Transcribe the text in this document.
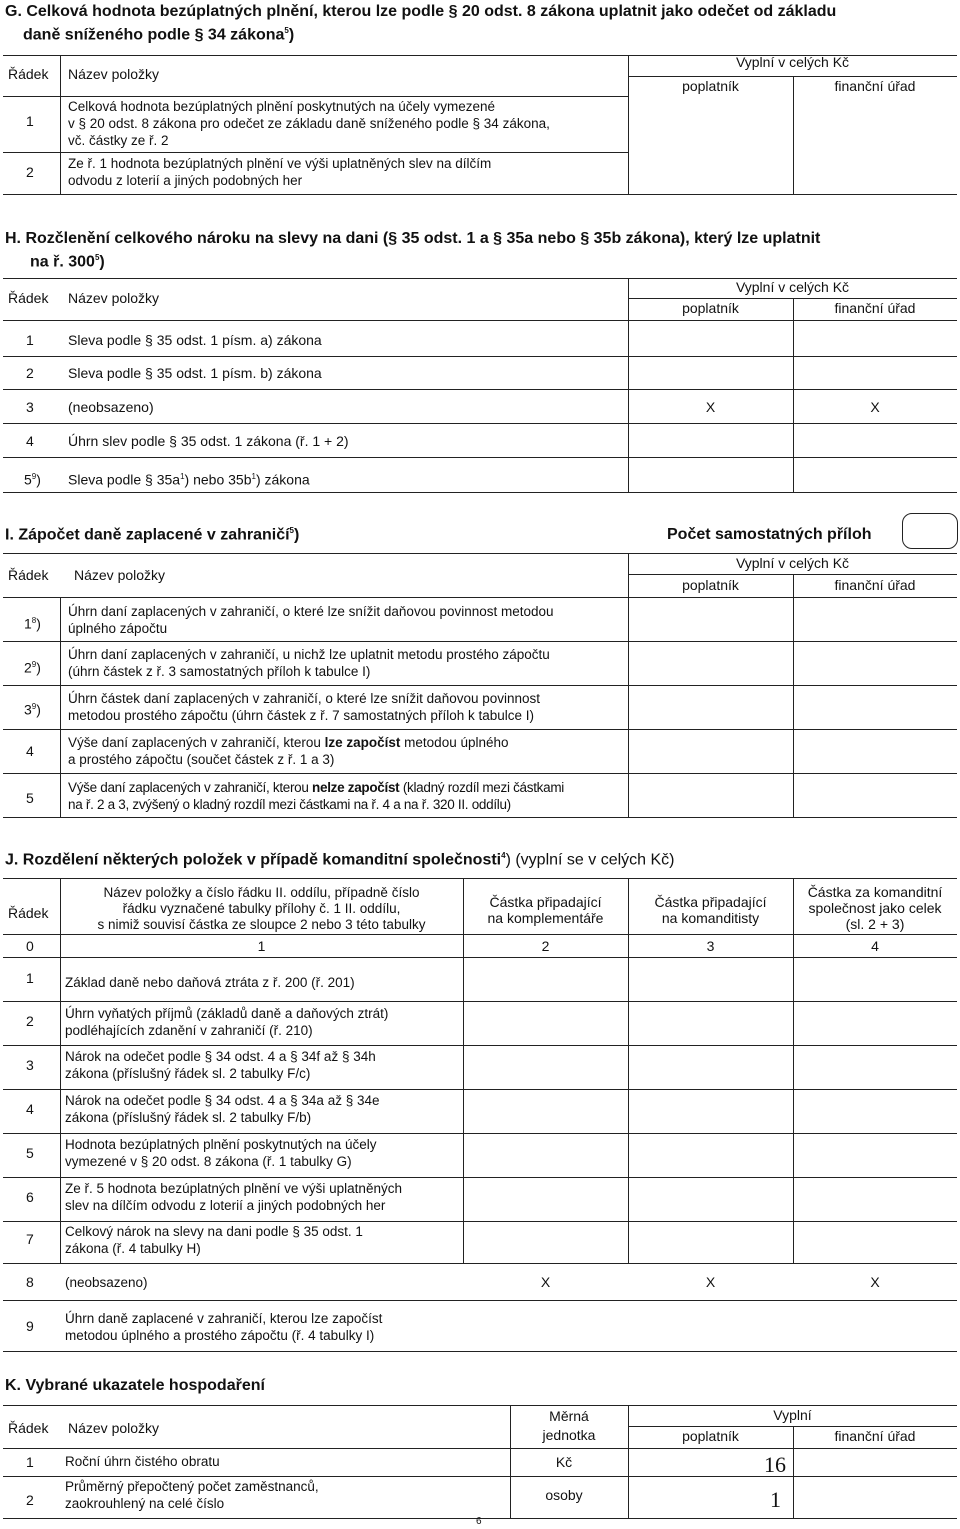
G. Celková hodnota bezúplatných plnění, kterou lze podle § 20 odst. 8 zákona uplatnit jako odečet od základu
daně sníženého podle § 34 zákona$^5$)
Řádek Název položky
Vyplní v celých Kč
poplatník	finanční úřad
1
Celková hodnota bezúplatných plnění poskytnutých na účely vymezené
v § 20 odst. 8 zákona pro odečet ze základu daně sníženého podle § 34 zákona,
vč. částky ze ř. 2
2
Ze ř. 1 hodnota bezúplatných plnění ve výši uplatněných slev na dílčím
odvodu z loterií a jiných podobných her
H. Rozčlenění celkového nároku na slevy na dani (§ 35 odst. 1 a § 35a nebo § 35b zákona), který lze uplatnit
na ř. $300^5$)
Řádek Název položky
Vyplní v celých Kč
poplatník	finanční úřad
1 Sleva podle § 35 odst. 1 písm. a) zákona
2 Sleva podle § 35 odst. 1 písm. b) zákona
3 (neobsazeno)	X	X
4 Úhrn slev podle § 35 odst. 1 zákona (ř. 1 + 2)
$5^9$) Sleva podle § $35a^1$) nebo $35b^1$) zákona
I. Zápočet daně zaplacené v zahraničí$^5$)	Počet samostatných příloh
Řádek Název položky
Vyplní v celých Kč
poplatník	finanční úřad
$1^8$)
Úhrn daní zaplacených v zahraničí, o které lze snížit daňovou povinnost metodou
úplného zápočtu
$2^9$)
Úhrn daní zaplacených v zahraničí, u nichž lze uplatnit metodu prostého zápočtu
(úhrn částek z ř. 3 samostatných příloh k tabulce I)
$3^9$)
Úhrn částek daní zaplacených v zahraničí, o které lze snížit daňovou povinnost
metodou prostého zápočtu (úhrn částek z ř. 7 samostatných příloh k tabulce I)
4
Výše daní zaplacených v zahraničí, kterou lze započíst metodou úplného
a prostého zápočtu (součet částek z ř. 1 a 3)
5
Výše daní zaplacených v zahraničí, kterou nelze započíst (kladný rozdíl mezi částkami
na ř. 2 a 3, zvýšený o kladný rozdíl mezi částkami na ř. 4 a na ř. 320 II. oddílu)
J. Rozdělení některých položek v případě komanditní společnosti$^4$) (vyplní se v celých Kč)
Řádek
Název položky a číslo řádku II. oddílu, případně číslo
řádku vyznačené tabulky přílohy č. 1 II. oddílu,
s nimiž souvisí částka ze sloupce 2 nebo 3 této tabulky
Částka připadající
na komplementáře
Částka připadající
na komanditisty
Částka za komanditní
společnost jako celek
(sl. 2 + 3)
0	1	2	3	4
1 Základ daně nebo daňová ztráta z ř. 200 (ř. 201)
2 Úhrn vyňatých příjmů (základů daně a daňových ztrát)
podléhajících zdanění v zahraničí (ř. 210)
3
Nárok na odečet podle § 34 odst. 4 a § 34f až § 34h
zákona (příslušný řádek sl. 2 tabulky F/c)
4
Nárok na odečet podle § 34 odst. 4 a § 34a až § 34e
zákona (příslušný řádek sl. 2 tabulky F/b)
5
Hodnota bezúplatných plnění poskytnutých na účely
vymezené v § 20 odst. 8 zákona (ř. 1 tabulky G)
6
Ze ř. 5 hodnota bezúplatných plnění ve výši uplatněných
slev na dílčím odvodu z loterií a jiných podobných her
7 Celkový nárok na slevy na dani podle § 35 odst. 1
zákona (ř. 4 tabulky H)
8 (neobsazeno)	X	X	X
9 Úhrn daně zaplacené v zahraničí, kterou lze započíst
metodou úplného a prostého zápočtu (ř. 4 tabulky I)
K. Vybrané ukazatele hospodaření
Řádek Název položky
Měrná
jednotka
Vyplní
poplatník	finanční úřad
1 Roční úhrn čistého obratu	Kč	16
2
Průměrný přepočtený počet zaměstnanců,
zaokrouhlený na celé číslo
osoby	1
6
